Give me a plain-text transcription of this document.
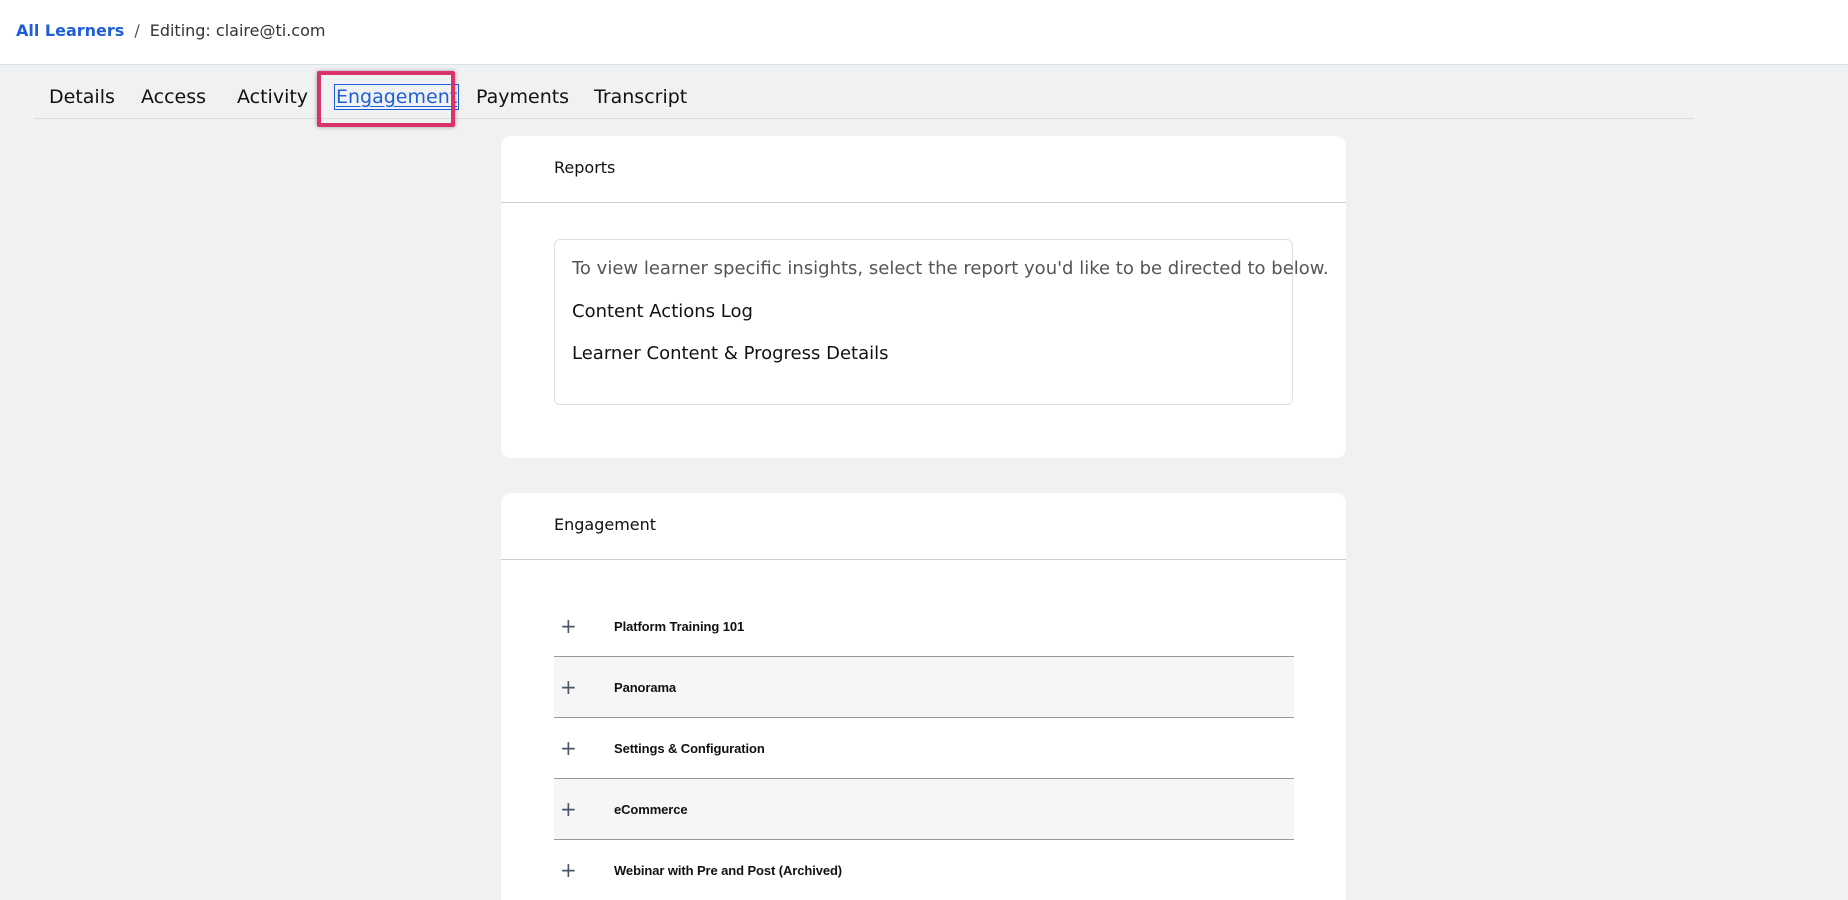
All Learners / Editing: claire@ti.com
Details Access Activity Engagement Payments Transcript
Reports
To view learner specific insights, select the report you'd like to be directed to below.
Content Actions Log
Learner Content & Progress Details
Engagement
+	Platform Training 101
+	Panorama
+	Settings & Configuration
+	eCommerce
+	Webinar with Pre and Post (Archived)
